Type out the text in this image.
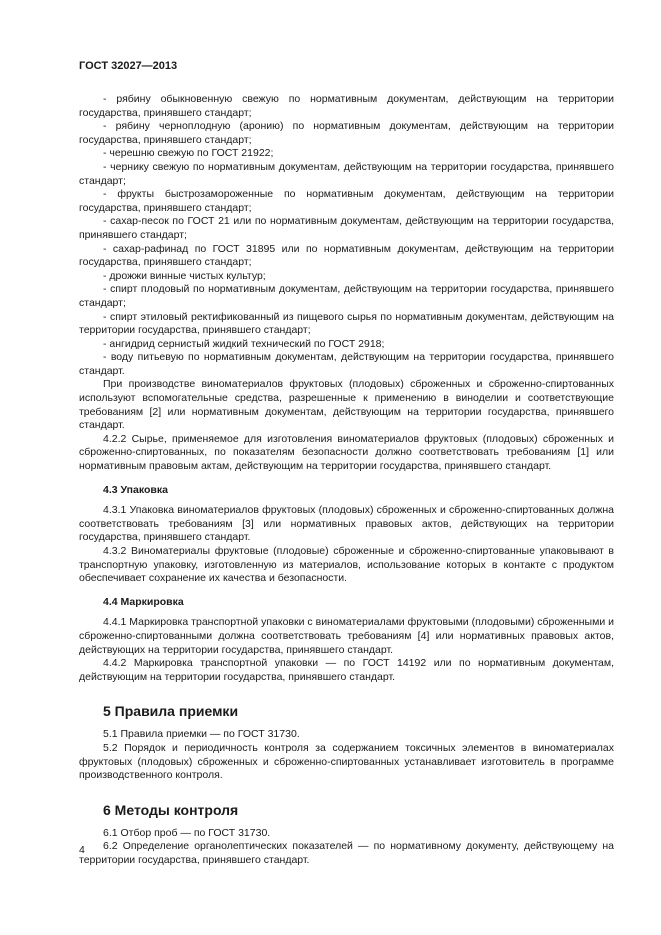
ГОСТ 32027—2013

- рябину обыкновенную свежую по нормативным документам, действующим на территории государства, принявшего стандарт;

- рябину черноплодную (аронию) по нормативным документам, действующим на территории государства, принявшего стандарт;

- черешню свежую по ГОСТ 21922;

- чернику свежую по нормативным документам, действующим на территории государства, принявшего стандарт;

- фрукты быстрозамороженные по нормативным документам, действующим на территории государства, принявшего стандарт;

- сахар-песок по ГОСТ 21 или по нормативным документам, действующим на территории государства, принявшего стандарт;

- сахар-рафинад по ГОСТ 31895 или по нормативным документам, действующим на территории государства, принявшего стандарт;

- дрожжи винные чистых культур;

- спирт плодовый по нормативным документам, действующим на территории государства, принявшего стандарт;

- спирт этиловый ректификованный из пищевого сырья по нормативным документам, действующим на территории государства, принявшего стандарт;

- ангидрид сернистый жидкий технический по ГОСТ 2918;

- воду питьевую по нормативным документам, действующим на территории государства, принявшего стандарт.

При производстве виноматериалов фруктовых (плодовых) сброженных и сброженно-спиртованных используют вспомогательные средства, разрешенные к применению в виноделии и соответствующие требованиям [2] или нормативным документам, действующим на территории государства, принявшего стандарт.

4.2.2 Сырье, применяемое для изготовления виноматериалов фруктовых (плодовых) сброженных и сброженно-спиртованных, по показателям безопасности должно соответствовать требованиям [1] или нормативным правовым актам, действующим на территории государства, принявшего стандарт.

4.3 Упаковка

4.3.1 Упаковка виноматериалов фруктовых (плодовых) сброженных и сброженно-спиртованных должна соответствовать требованиям [3] или нормативных правовых актов, действующих на территории государства, принявшего стандарт.

4.3.2 Виноматериалы фруктовые (плодовые) сброженные и сброженно-спиртованные упаковывают в транспортную упаковку, изготовленную из материалов, использование которых в контакте с продуктом обеспечивает сохранение их качества и безопасности.

4.4 Маркировка

4.4.1 Маркировка транспортной упаковки с виноматериалами фруктовыми (плодовыми) сброженными и сброженно-спиртованными должна соответствовать требованиям [4] или нормативных правовых актов, действующих на территории государства, принявшего стандарт.

4.4.2 Маркировка транспортной упаковки — по ГОСТ 14192 или по нормативным документам, действующим на территории государства, принявшего стандарт.

5 Правила приемки

5.1 Правила приемки — по ГОСТ 31730.

5.2 Порядок и периодичность контроля за содержанием токсичных элементов в виноматериалах фруктовых (плодовых) сброженных и сброженно-спиртованных устанавливает изготовитель в программе производственного контроля.

6 Методы контроля

6.1 Отбор проб — по ГОСТ 31730.

6.2 Определение органолептических показателей — по нормативному документу, действующему на территории государства, принявшего стандарт.

4
